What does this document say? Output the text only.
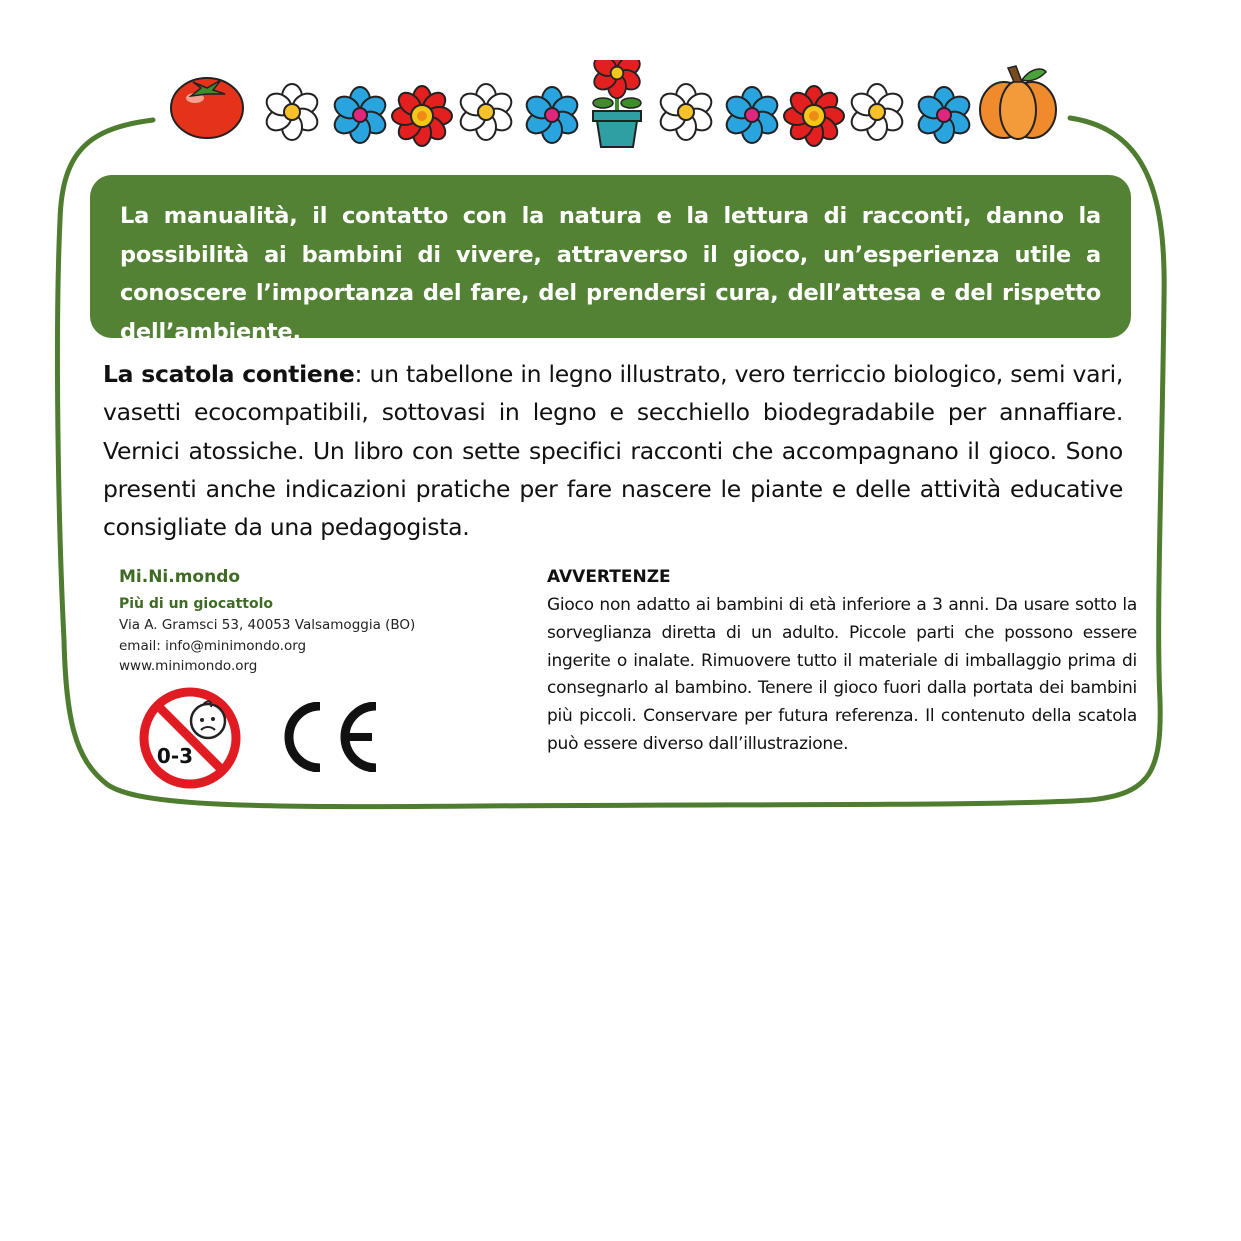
La manualità, il contatto con la natura e la lettura di racconti, danno la possibilità ai bambini di vivere, attraverso il gioco, un’esperienza utile a conoscere l’importanza del fare, del prendersi cura, dell’attesa e del rispetto dell’ambiente.

La scatola contiene: un tabellone in legno illustrato, vero terriccio biologico, semi vari, vasetti ecocompatibili, sottovasi in legno e secchiello biodegradabile per annaffiare. Vernici atossiche. Un libro con sette specifici racconti che accompagnano il gioco. Sono presenti anche indicazioni pratiche per fare nascere le piante e delle attività educative consigliate da una pedagogista.

Mi.Ni.mondo
Più di un giocattolo
Via A. Gramsci 53, 40053 Valsamoggia (BO)
email: info@minimondo.org
www.minimondo.org
0-3
AVVERTENZE
Gioco non adatto ai bambini di età inferiore a 3 anni. Da usare sotto la sorveglianza diretta di un adulto. Piccole parti che possono essere ingerite o inalate. Rimuovere tutto il materiale di imballaggio prima di consegnarlo al bambino. Tenere il gioco fuori dalla portata dei bambini più piccoli. Conservare per futura referenza. Il contenuto della scatola può essere diverso dall’illustrazione.
